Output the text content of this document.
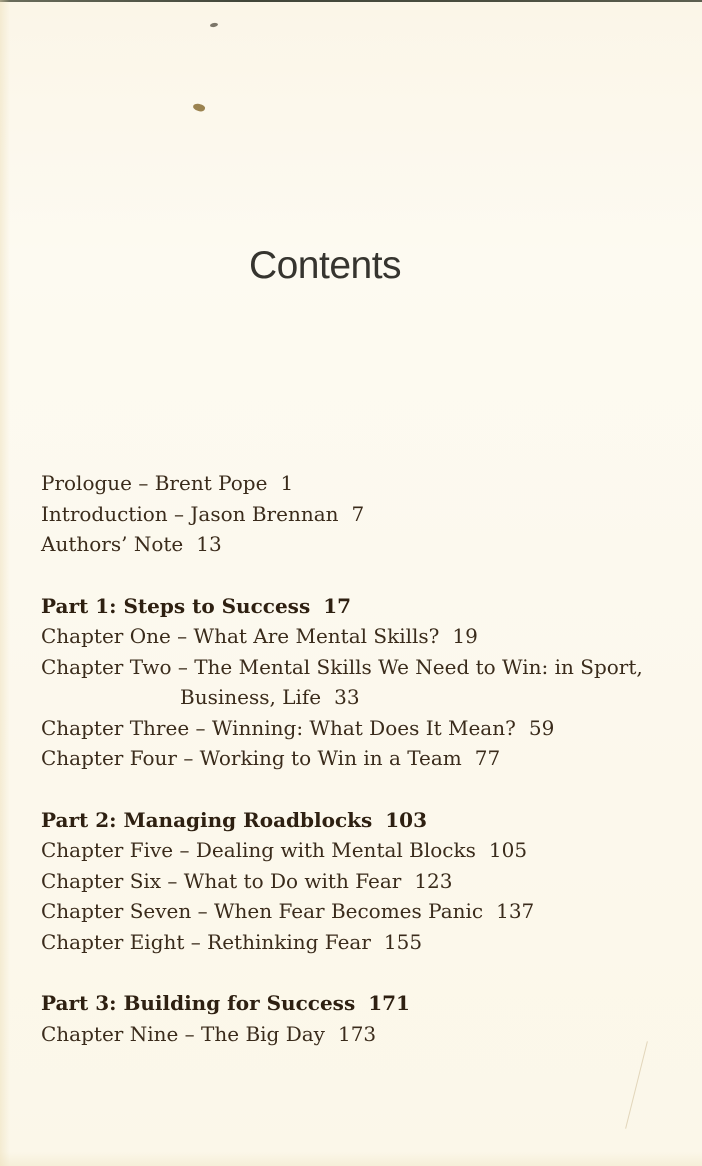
Contents
Prologue – Brent Pope 1
Introduction – Jason Brennan 7
Authors’ Note 13
Part 1: Steps to Success 17
Chapter One – What Are Mental Skills? 19
Chapter Two – The Mental Skills We Need to Win: in Sport,
Business, Life 33
Chapter Three – Winning: What Does It Mean? 59
Chapter Four – Working to Win in a Team 77
Part 2: Managing Roadblocks 103
Chapter Five – Dealing with Mental Blocks 105
Chapter Six – What to Do with Fear 123
Chapter Seven – When Fear Becomes Panic 137
Chapter Eight – Rethinking Fear 155
Part 3: Building for Success 171
Chapter Nine – The Big Day 173
